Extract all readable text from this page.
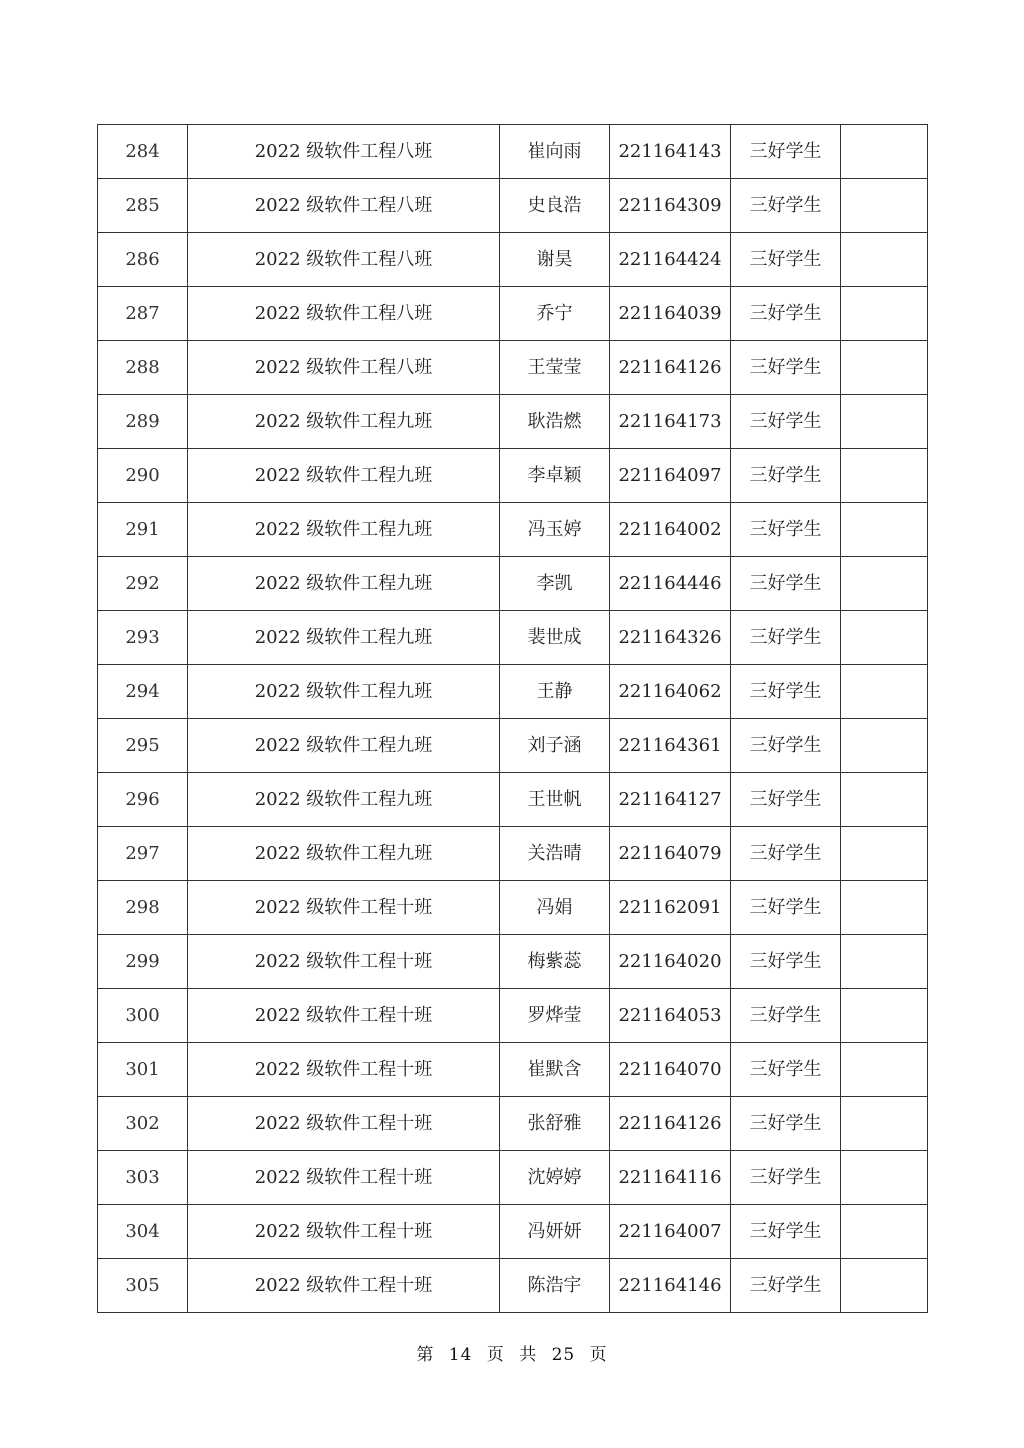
284	2022 级软件工程八班	崔向雨	221164143	三好学生	
285	2022 级软件工程八班	史良浩	221164309	三好学生	
286	2022 级软件工程八班	谢昊	221164424	三好学生	
287	2022 级软件工程八班	乔宁	221164039	三好学生	
288	2022 级软件工程八班	王莹莹	221164126	三好学生	
289	2022 级软件工程九班	耿浩燃	221164173	三好学生	
290	2022 级软件工程九班	李卓颖	221164097	三好学生	
291	2022 级软件工程九班	冯玉婷	221164002	三好学生	
292	2022 级软件工程九班	李凯	221164446	三好学生	
293	2022 级软件工程九班	裴世成	221164326	三好学生	
294	2022 级软件工程九班	王静	221164062	三好学生	
295	2022 级软件工程九班	刘子涵	221164361	三好学生	
296	2022 级软件工程九班	王世帆	221164127	三好学生	
297	2022 级软件工程九班	关浩晴	221164079	三好学生	
298	2022 级软件工程十班	冯娟	221162091	三好学生	
299	2022 级软件工程十班	梅紫蕊	221164020	三好学生	
300	2022 级软件工程十班	罗烨莹	221164053	三好学生	
301	2022 级软件工程十班	崔默含	221164070	三好学生	
302	2022 级软件工程十班	张舒雅	221164126	三好学生	
303	2022 级软件工程十班	沈婷婷	221164116	三好学生	
304	2022 级软件工程十班	冯妍妍	221164007	三好学生	
305	2022 级软件工程十班	陈浩宇	221164146	三好学生	
第 14 页 共 25 页
